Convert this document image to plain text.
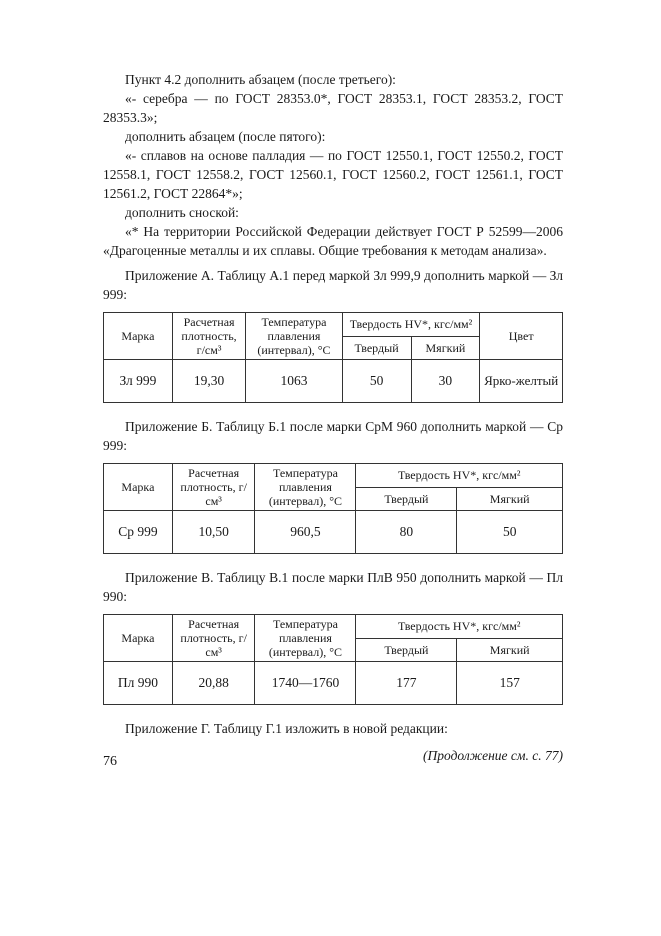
Пункт 4.2 дополнить абзацем (после третьего):

«- серебра — по ГОСТ 28353.0*, ГОСТ 28353.1, ГОСТ 28353.2, ГОСТ 28353.3»;

дополнить абзацем (после пятого):

«- сплавов на основе палладия — по ГОСТ 12550.1, ГОСТ 12550.2, ГОСТ 12558.1, ГОСТ 12558.2, ГОСТ 12560.1, ГОСТ 12560.2, ГОСТ 12561.1, ГОСТ 12561.2, ГОСТ 22864*»;

дополнить сноской:

«* На территории Российской Федерации действует ГОСТ Р 52599—2006 «Драгоценные металлы и их сплавы. Общие требования к методам анализа».

Приложение А. Таблицу А.1 перед маркой Зл 999,9 дополнить маркой — Зл 999:

Марка	Расчетная плотность, г/см³	Температура плавления (интервал), °С	Твердость HV*, кгс/мм²		Цвет
			Твердый	Мягкий	
Зл 999	19,30	1063	50	30	Ярко-желтый

Приложение Б. Таблицу Б.1 после марки СрМ 960 дополнить маркой — Ср 999:

Марка	Расчетная плотность, г/см³	Температура плавления (интервал), °С	Твердость HV*, кгс/мм²	
			Твердый	Мягкий
Ср 999	10,50	960,5	80	50

Приложение В. Таблицу В.1 после марки ПлВ 950 дополнить маркой — Пл 990:

Марка	Расчетная плотность, г/см³	Температура плавления (интервал), °С	Твердость HV*, кгс/мм²	
			Твердый	Мягкий
Пл 990	20,88	1740—1760	177	157

Приложение Г. Таблицу Г.1 изложить в новой редакции:

(Продолжение см. с. 77)

76
